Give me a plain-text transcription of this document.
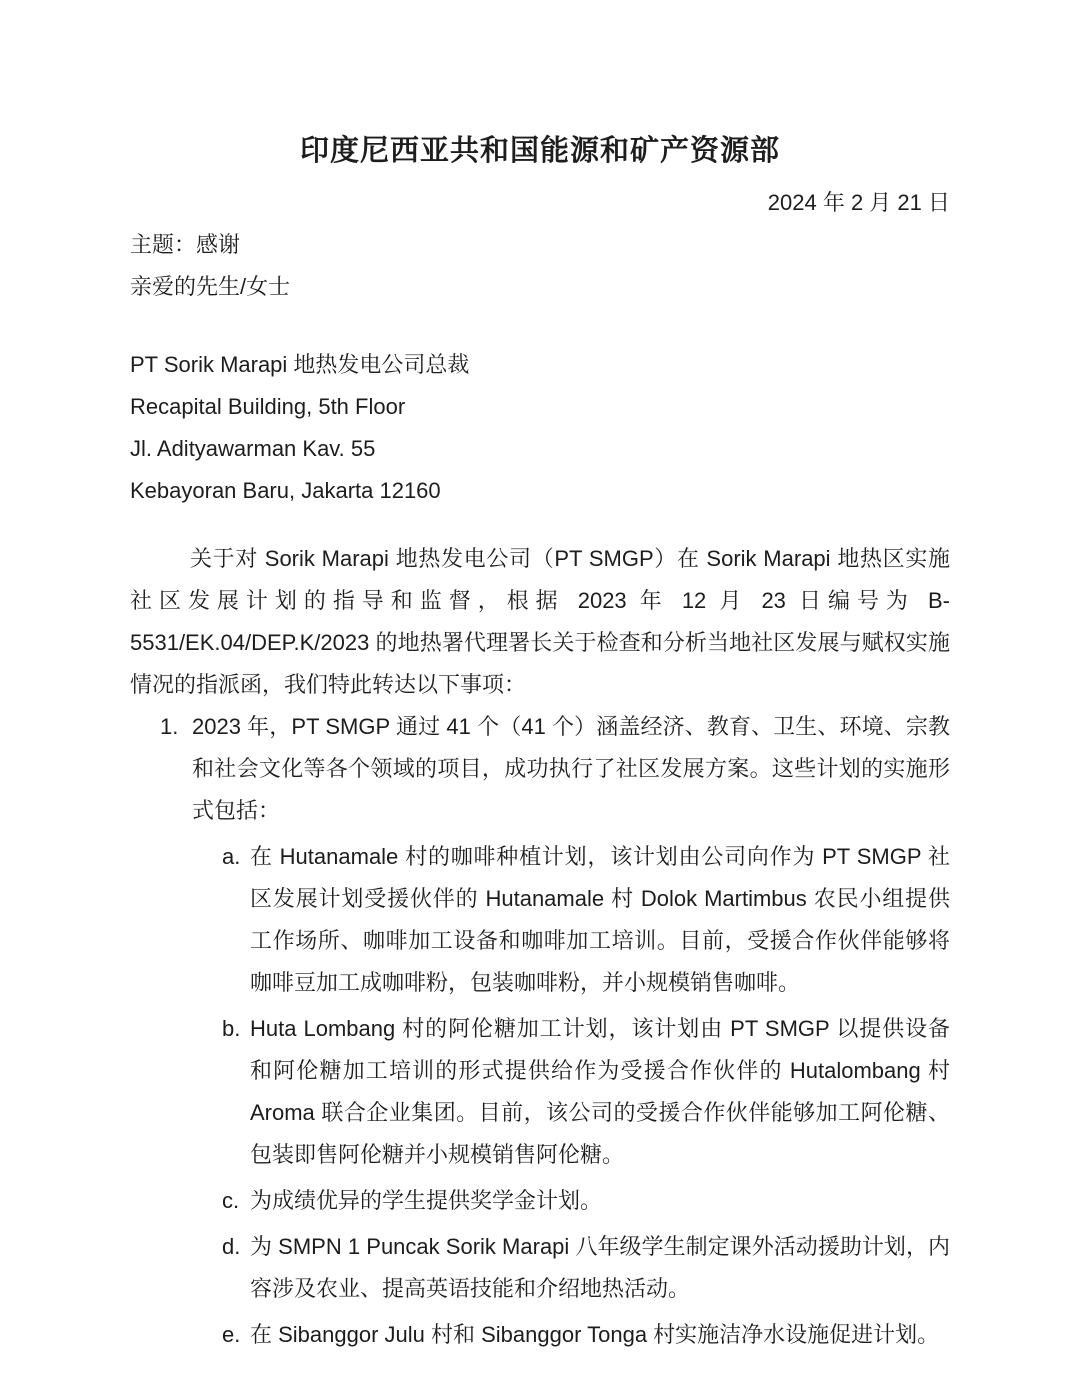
印度尼西亚共和国能源和矿产资源部
2024 年 2 月 21 日
主题：感谢
亲爱的先生/女士
PT Sorik Marapi 地热发电公司总裁
Recapital Building, 5th Floor
Jl. Adityawarman Kav. 55
Kebayoran Baru, Jakarta 12160
关于对 Sorik Marapi 地热发电公司（PT SMGP）在 Sorik Marapi 地热区实施社区发展计划的指导和监督，根据 2023 年 12 月 23 日编号为 B-5531/EK.04/DEP.K/2023 的地热署代理署长关于检查和分析当地社区发展与赋权实施情况的指派函，我们特此转达以下事项：
1. 2023 年，PT SMGP 通过 41 个（41 个）涵盖经济、教育、卫生、环境、宗教和社会文化等各个领域的项目，成功执行了社区发展方案。这些计划的实施形式包括：
a. 在 Hutanamale 村的咖啡种植计划，该计划由公司向作为 PT SMGP 社区发展计划受援伙伴的 Hutanamale 村 Dolok Martimbus 农民小组提供工作场所、咖啡加工设备和咖啡加工培训。目前，受援合作伙伴能够将咖啡豆加工成咖啡粉，包装咖啡粉，并小规模销售咖啡。
b. Huta Lombang 村的阿伦糖加工计划，该计划由 PT SMGP 以提供设备和阿伦糖加工培训的形式提供给作为受援合作伙伴的 Hutalombang 村 Aroma 联合企业集团。目前，该公司的受援合作伙伴能够加工阿伦糖、包装即售阿伦糖并小规模销售阿伦糖。
c. 为成绩优异的学生提供奖学金计划。
d. 为 SMPN 1 Puncak Sorik Marapi 八年级学生制定课外活动援助计划，内容涉及农业、提高英语技能和介绍地热活动。
e. 在 Sibanggor Julu 村和 Sibanggor Tonga 村实施洁净水设施促进计划。
